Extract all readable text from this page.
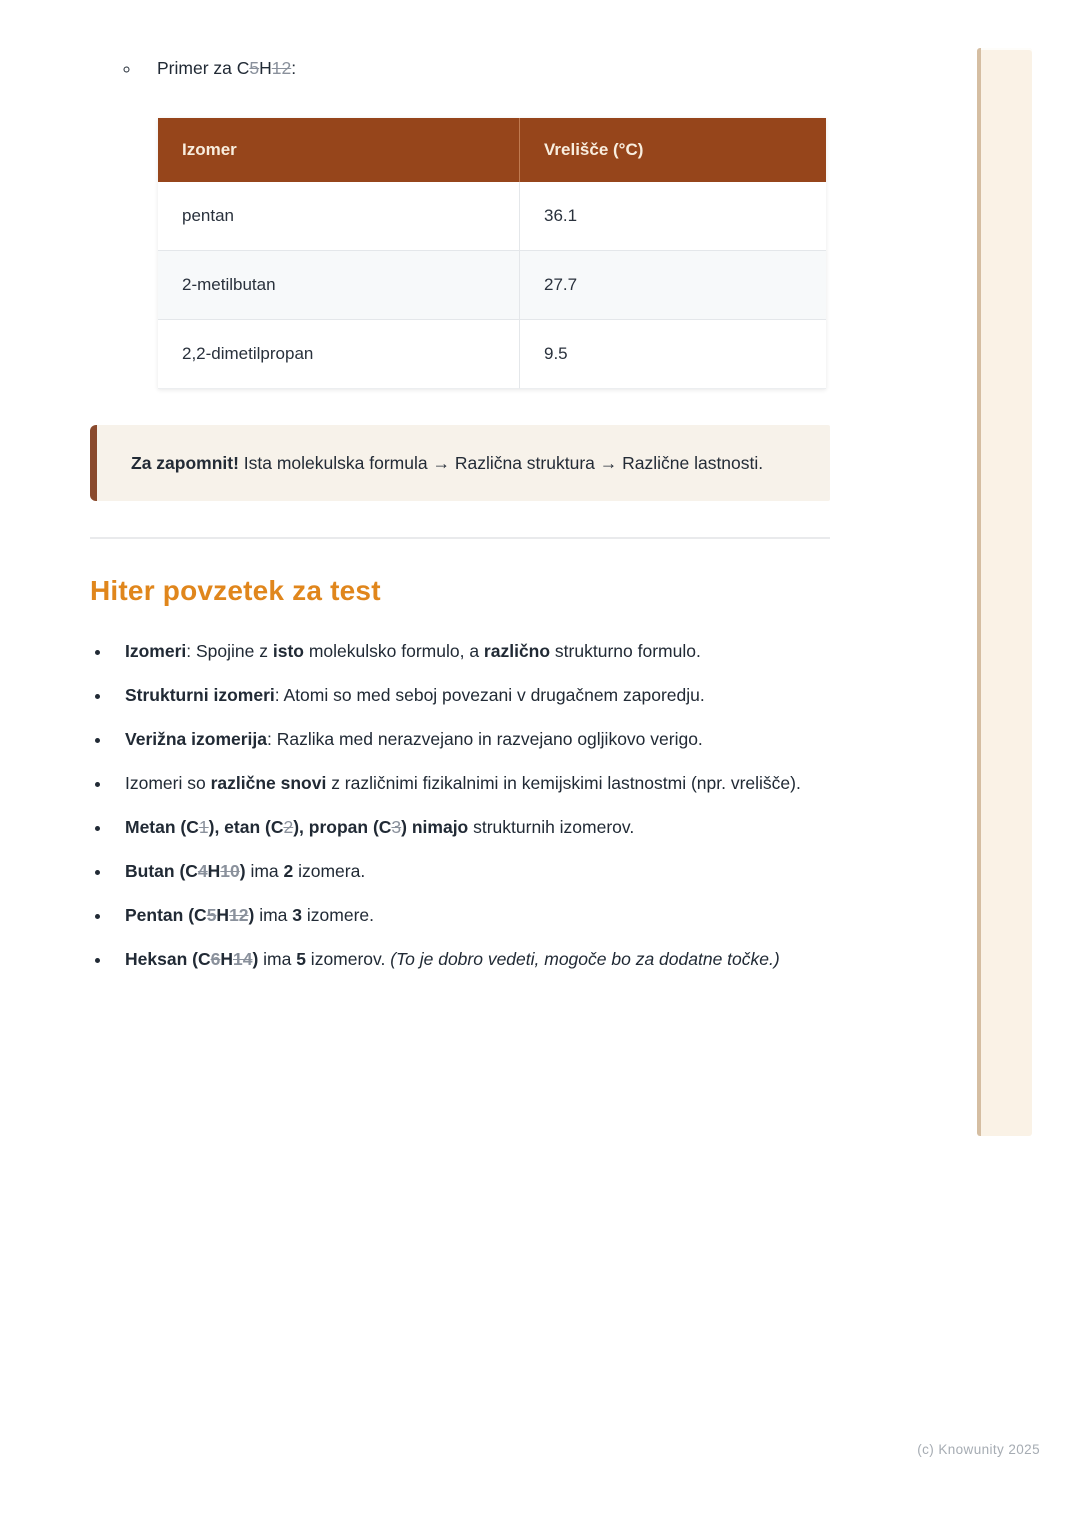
◦ Primer za C5H12:
Izomer	Vrelišče (°C)
pentan	36.1
2-metilbutan	27.7
2,2-dimetilpropan	9.5

Za zapomnit! Ista molekulska formula → Različna struktura → Različne lastnosti.

Hiter povzetek za test
• Izomeri: Spojine z isto molekulsko formulo, a različno strukturno formulo.
• Strukturni izomeri: Atomi so med seboj povezani v drugačnem zaporedju.
• Verižna izomerija: Razlika med nerazvejano in razvejano ogljikovo verigo.
• Izomeri so različne snovi z različnimi fizikalnimi in kemijskimi lastnostmi (npr. vrelišče).
• Metan (C1), etan (C2), propan (C3) nimajo strukturnih izomerov.
• Butan (C4H10) ima 2 izomera.
• Pentan (C5H12) ima 3 izomere.
• Heksan (C6H14) ima 5 izomerov. (To je dobro vedeti, mogoče bo za dodatne točke.)
(c) Knowunity 2025
